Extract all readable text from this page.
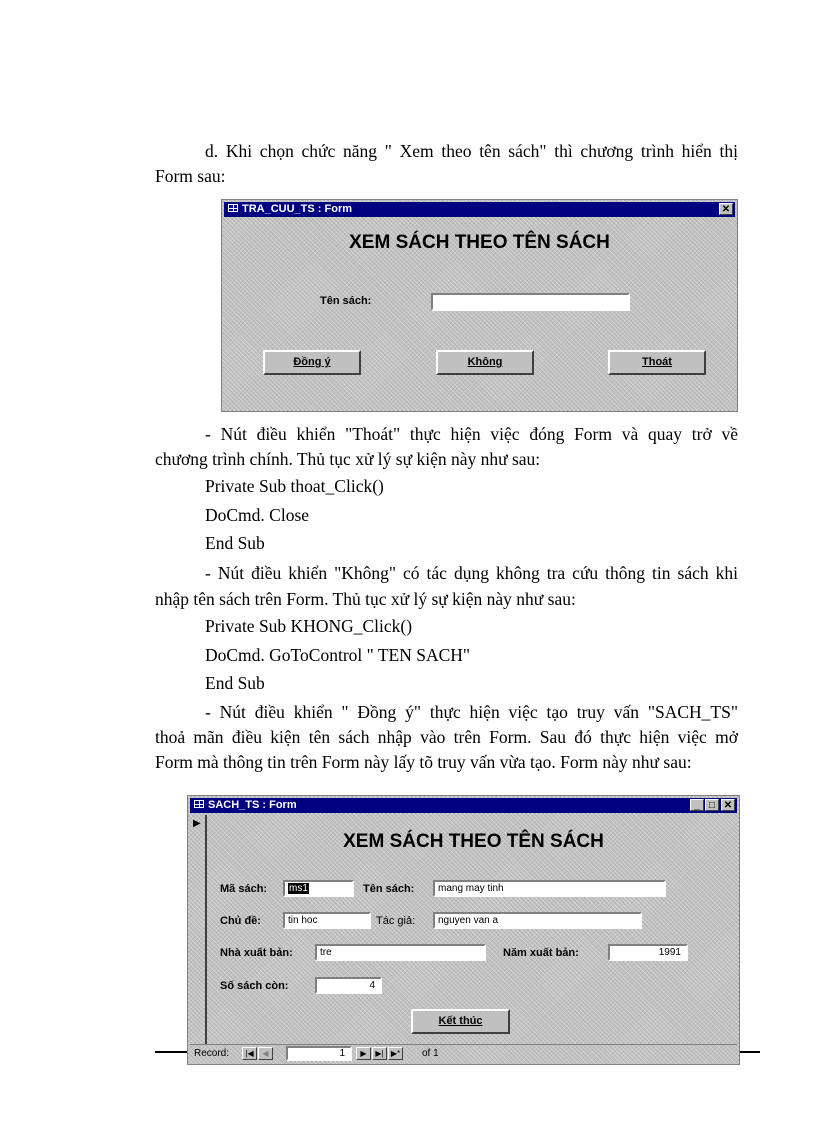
d. Khi chọn chức năng " Xem theo tên sách" thì chương trình hiển thị
Form sau:
TRA_CUU_TS : Form	✕
XEM SÁCH THEO TÊN SÁCH
Tên sách:
Đồng ý	Không	Thoát
- Nút điều khiển "Thoát" thực hiện việc đóng Form và quay trở về
chương trình chính. Thủ tục xử lý sự kiện này như sau:
Private Sub thoat_Click()
DoCmd. Close
End Sub
- Nút điều khiển "Không" có tác dụng không tra cứu thông tin sách khi
nhập tên sách trên Form. Thủ tục xử lý sự kiện này như sau:
Private Sub KHONG_Click()
DoCmd. GoToControl " TEN SACH"
End Sub
- Nút điều khiển " Đồng ý" thực hiện việc tạo truy vấn "SACH_TS"
thoả mãn điều kiện tên sách nhập vào trên Form. Sau đó thực hiện việc mở
Form mà thông tin trên Form này lấy tõ truy vấn vừa tạo. Form này như sau:
SACH_TS : Form	_ □ ✕
▶
XEM SÁCH THEO TÊN SÁCH
Mã sách:	ms1	Tên sách:	mang may tinh
Chủ đề:	tin hoc	Tác giả:	nguyen van a
Nhà xuất bản:	tre	Năm xuất bản:	1991
Số sách còn:	4
Kết thúc
Record:	|◀	◀	1	▶	▶| ▶* of 1
